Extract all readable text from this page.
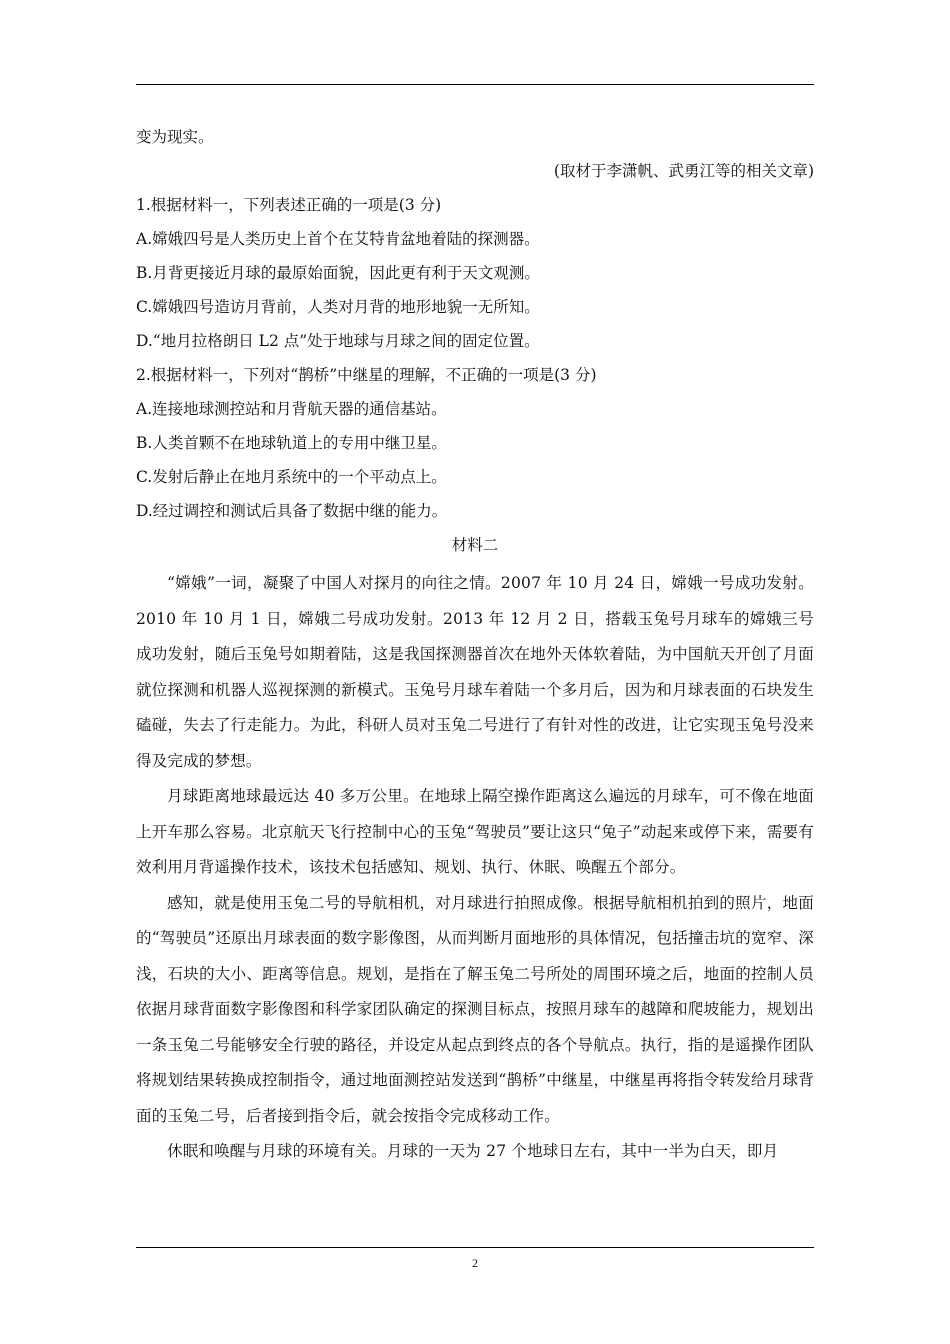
变为现实。
(取材于李潇帆、武勇江等的相关文章)
1.根据材料一，下列表述正确的一项是(3 分)
A.嫦娥四号是人类历史上首个在艾特肯盆地着陆的探测器。
B.月背更接近月球的最原始面貌，因此更有利于天文观测。
C.嫦娥四号造访月背前，人类对月背的地形地貌一无所知。
D.“地月拉格朗日 L2 点”处于地球与月球之间的固定位置。
2.根据材料一，下列对“鹊桥”中继星的理解，不正确的一项是(3 分)
A.连接地球测控站和月背航天器的通信基站。
B.人类首颗不在地球轨道上的专用中继卫星。
C.发射后静止在地月系统中的一个平动点上。
D.经过调控和测试后具备了数据中继的能力。
材料二
“嫦娥”一词，凝聚了中国人对探月的向往之情。2007 年 10 月 24 日，嫦娥一号成功发射。2010 年 10 月 1 日，嫦娥二号成功发射。2013 年 12 月 2 日，搭载玉兔号月球车的嫦娥三号成功发射，随后玉兔号如期着陆，这是我国探测器首次在地外天体软着陆，为中国航天开创了月面就位探测和机器人巡视探测的新模式。玉兔号月球车着陆一个多月后，因为和月球表面的石块发生磕碰，失去了行走能力。为此，科研人员对玉兔二号进行了有针对性的改进，让它实现玉兔号没来得及完成的梦想。
月球距离地球最远达 40 多万公里。在地球上隔空操作距离这么遍远的月球车，可不像在地面上开车那么容易。北京航天飞行控制中心的玉兔“驾驶员”要让这只“兔子”动起来或停下来，需要有效利用月背遥操作技术，该技术包括感知、规划、执行、休眠、唤醒五个部分。
感知，就是使用玉兔二号的导航相机，对月球进行拍照成像。根据导航相机拍到的照片，地面的“驾驶员”还原出月球表面的数字影像图，从而判断月面地形的具体情况，包括撞击坑的宽窄、深浅，石块的大小、距离等信息。规划，是指在了解玉兔二号所处的周围环境之后，地面的控制人员依据月球背面数字影像图和科学家团队确定的探测目标点，按照月球车的越障和爬坡能力，规划出一条玉兔二号能够安全行驶的路径，并设定从起点到终点的各个导航点。执行，指的是遥操作团队将规划结果转换成控制指令，通过地面测控站发送到“鹊桥”中继星，中继星再将指令转发给月球背面的玉兔二号，后者接到指令后，就会按指令完成移动工作。
休眠和唤醒与月球的环境有关。月球的一天为 27 个地球日左右，其中一半为白天，即月
2
